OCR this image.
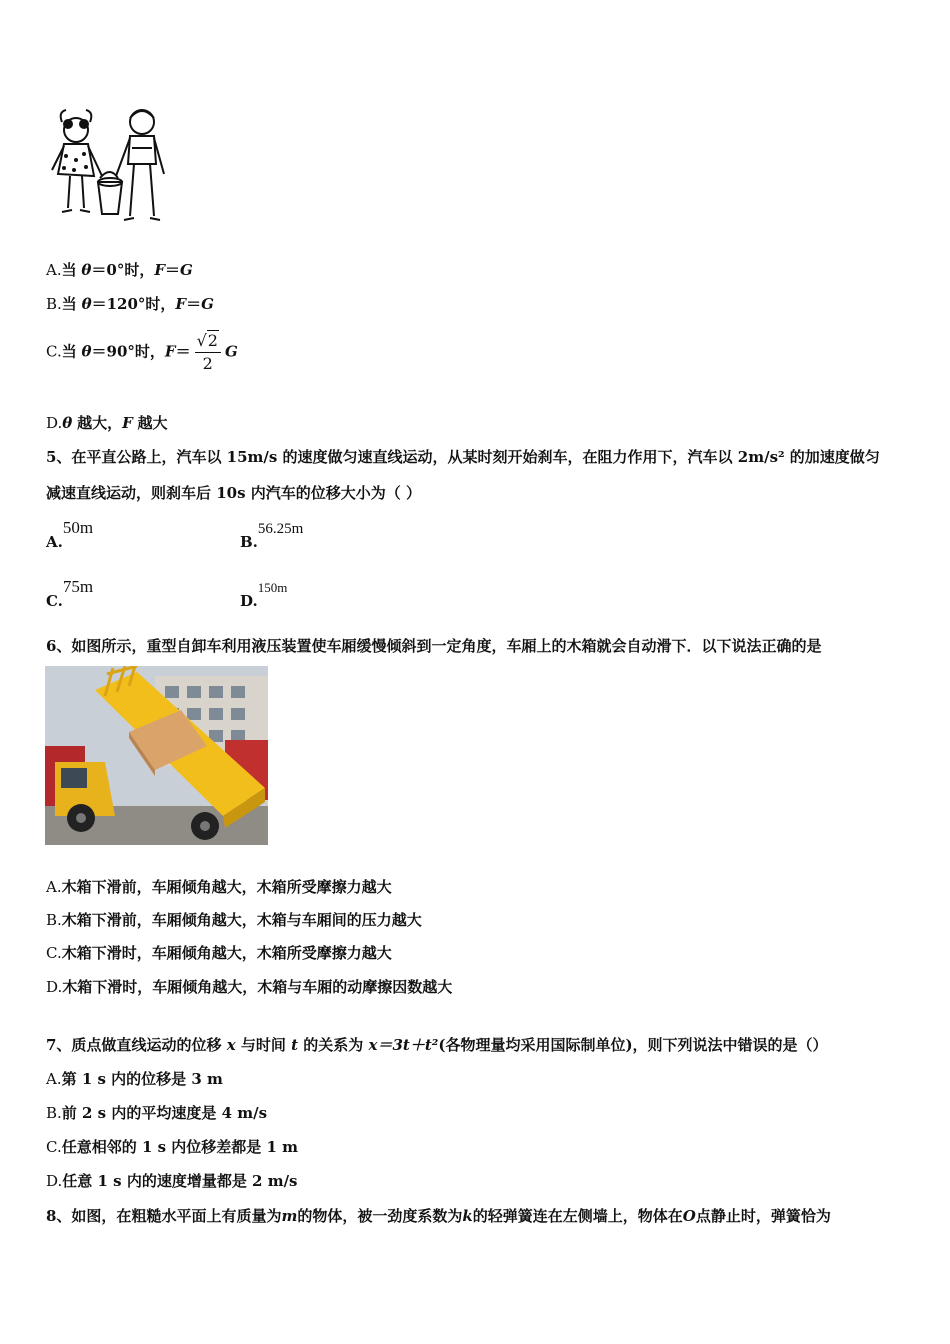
A.当 θ＝0°时，F＝G
B.当 θ＝120°时，F＝G
C.当 θ＝90°时，$F= \frac{√2}{2}$ G
D.θ 越大，F 越大
5、在平直公路上，汽车以 15m/s 的速度做匀速直线运动，从某时刻开始刹车，在阻力作用下，汽车以 2m/s² 的加速度做匀
减速直线运动，则刹车后 10s 内汽车的位移大小为（ ）
A.50m
B.56.25m
C.75m
D.150m
6、如图所示，重型自卸车利用液压装置使车厢缓慢倾斜到一定角度，车厢上的木箱就会自动滑下．以下说法正确的是
A.木箱下滑前，车厢倾角越大，木箱所受摩擦力越大
B.木箱下滑前，车厢倾角越大，木箱与车厢间的压力越大
C.木箱下滑时，车厢倾角越大，木箱所受摩擦力越大
D.木箱下滑时，车厢倾角越大，木箱与车厢的动摩擦因数越大
7、质点做直线运动的位移 x 与时间 t 的关系为 x＝3t＋t²(各物理量均采用国际制单位)，则下列说法中错误的是（）
A.第 1 s 内的位移是 3 m
B.前 2 s 内的平均速度是 4 m/s
C.任意相邻的 1 s 内位移差都是 1 m
D.任意 1 s 内的速度增量都是 2 m/s
8、如图，在粗糙水平面上有质量为m的物体，被一劲度系数为k的轻弹簧连在左侧墙上，物体在O点静止时，弹簧恰为
